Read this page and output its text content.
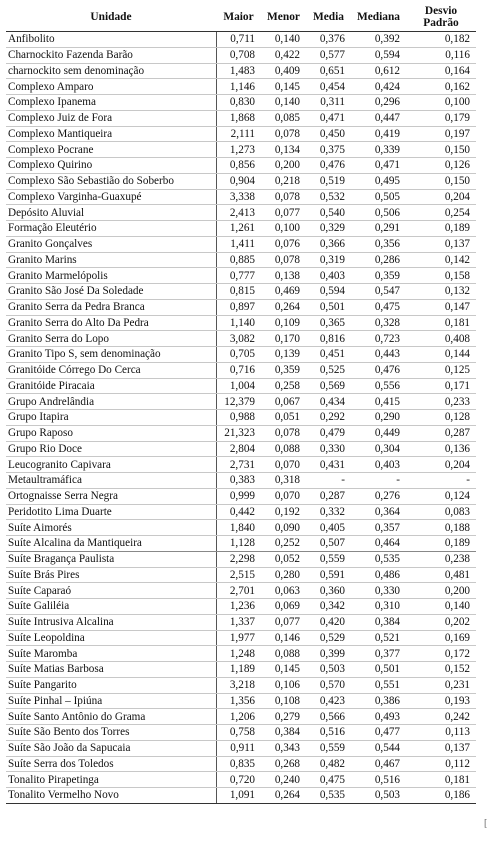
Unidade	Maior	Menor	Media	Mediana	Desvio
Padrão
Anfibolito	0,711	0,140	0,376	0,392	0,182
Charnockito Fazenda Barão	0,708	0,422	0,577	0,594	0,116
charnockito sem denominação	1,483	0,409	0,651	0,612	0,164
Complexo Amparo	1,146	0,145	0,454	0,424	0,162
Complexo Ipanema	0,830	0,140	0,311	0,296	0,100
Complexo Juiz de Fora	1,868	0,085	0,471	0,447	0,179
Complexo Mantiqueira	2,111	0,078	0,450	0,419	0,197
Complexo Pocrane	1,273	0,134	0,375	0,339	0,150
Complexo Quirino	0,856	0,200	0,476	0,471	0,126
Complexo São Sebastião do Soberbo	0,904	0,218	0,519	0,495	0,150
Complexo Varginha-Guaxupé	3,338	0,078	0,532	0,505	0,204
Depósito Aluvial	2,413	0,077	0,540	0,506	0,254
Formação Eleutério	1,261	0,100	0,329	0,291	0,189
Granito Gonçalves	1,411	0,076	0,366	0,356	0,137
Granito Marins	0,885	0,078	0,319	0,286	0,142
Granito Marmelópolis	0,777	0,138	0,403	0,359	0,158
Granito São José Da Soledade	0,815	0,469	0,594	0,547	0,132
Granito Serra da Pedra Branca	0,897	0,264	0,501	0,475	0,147
Granito Serra do Alto Da Pedra	1,140	0,109	0,365	0,328	0,181
Granito Serra do Lopo	3,082	0,170	0,816	0,723	0,408
Granito Tipo S, sem denominação	0,705	0,139	0,451	0,443	0,144
Granitóide Córrego Do Cerca	0,716	0,359	0,525	0,476	0,125
Granitóide Piracaia	1,004	0,258	0,569	0,556	0,171
Grupo Andrelândia	12,379	0,067	0,434	0,415	0,233
Grupo Itapira	0,988	0,051	0,292	0,290	0,128
Grupo Raposo	21,323	0,078	0,479	0,449	0,287
Grupo Rio Doce	2,804	0,088	0,330	0,304	0,136
Leucogranito Capivara	2,731	0,070	0,431	0,403	0,204
Metaultramáfica	0,383	0,318	-	-	-
Ortognaisse Serra Negra	0,999	0,070	0,287	0,276	0,124
Peridotito Lima Duarte	0,442	0,192	0,332	0,364	0,083
Suíte Aimorés	1,840	0,090	0,405	0,357	0,188
Suíte Alcalina da Mantiqueira	1,128	0,252	0,507	0,464	0,189
Suíte Bragança Paulista	2,298	0,052	0,559	0,535	0,238
Suíte Brás Pires	2,515	0,280	0,591	0,486	0,481
Suíte Caparaó	2,701	0,063	0,360	0,330	0,200
Suíte Galiléia	1,236	0,069	0,342	0,310	0,140
Suíte Intrusiva Alcalina	1,337	0,077	0,420	0,384	0,202
Suíte Leopoldina	1,977	0,146	0,529	0,521	0,169
Suíte Maromba	1,248	0,088	0,399	0,377	0,172
Suíte Matias Barbosa	1,189	0,145	0,503	0,501	0,152
Suíte Pangarito	3,218	0,106	0,570	0,551	0,231
Suíte Pinhal – Ipiúna	1,356	0,108	0,423	0,386	0,193
Suíte Santo Antônio do Grama	1,206	0,279	0,566	0,493	0,242
Suíte São Bento dos Torres	0,758	0,384	0,516	0,477	0,113
Suíte São João da Sapucaia	0,911	0,343	0,559	0,544	0,137
Suíte Serra dos Toledos	0,835	0,268	0,482	0,467	0,112
Tonalito Pirapetinga	0,720	0,240	0,475	0,516	0,181
Tonalito Vermelho Novo	1,091	0,264	0,535	0,503	0,186
[
